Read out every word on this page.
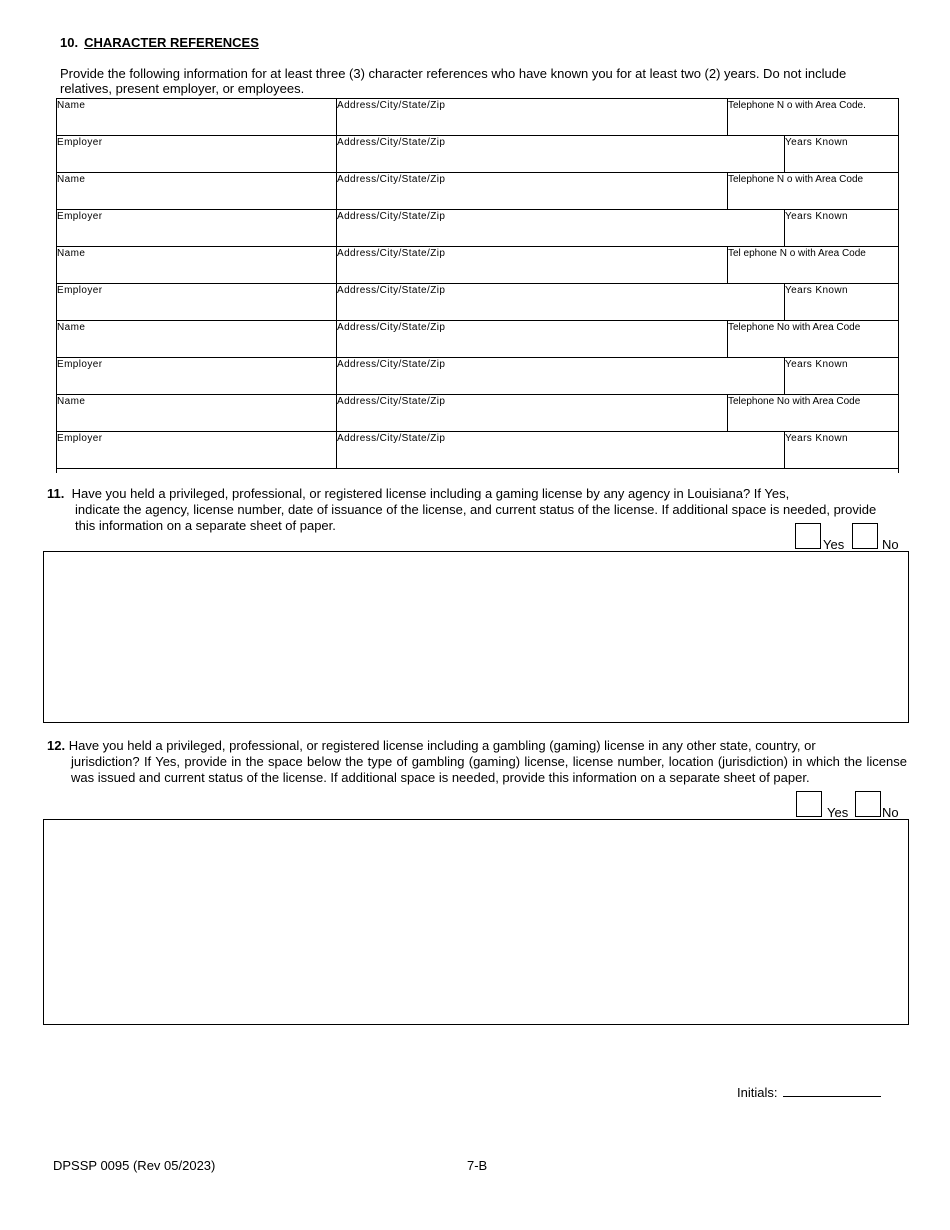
10. CHARACTER REFERENCES
Provide the following information for at least three (3) character references who have known you for at least two (2) years. Do not include relatives, present employer, or employees.
Name	Address/City/State/Zip	Telephone N o with Area Code.
Employer	Address/City/State/Zip	Years Known
Name	Address/City/State/Zip	Telephone N o with Area Code
Employer	Address/City/State/Zip	Years Known
Name	Address/City/State/Zip	Tel ephone N o with Area Code
Employer	Address/City/State/Zip	Years Known
Name	Address/City/State/Zip	Telephone No with Area Code
Employer	Address/City/State/Zip	Years Known
Name	Address/City/State/Zip	Telephone No with Area Code
Employer	Address/City/State/Zip	Years Known
11. Have you held a privileged, professional, or registered license including a gaming license by any agency in Louisiana? If Yes,
indicate the agency, license number, date of issuance of the license, and current status of the license. If additional space is needed, provide this information on a separate sheet of paper.
Yes	No
12. Have you held a privileged, professional, or registered license including a gambling (gaming) license in any other state, country, or
jurisdiction? If Yes, provide in the space below the type of gambling (gaming) license, license number, location (jurisdiction) in which the license was issued and current status of the license. If additional space is needed, provide this information on a separate sheet of paper.
Yes	No
Initials:
DPSSP 0095 (Rev 05/2023)	7-B
